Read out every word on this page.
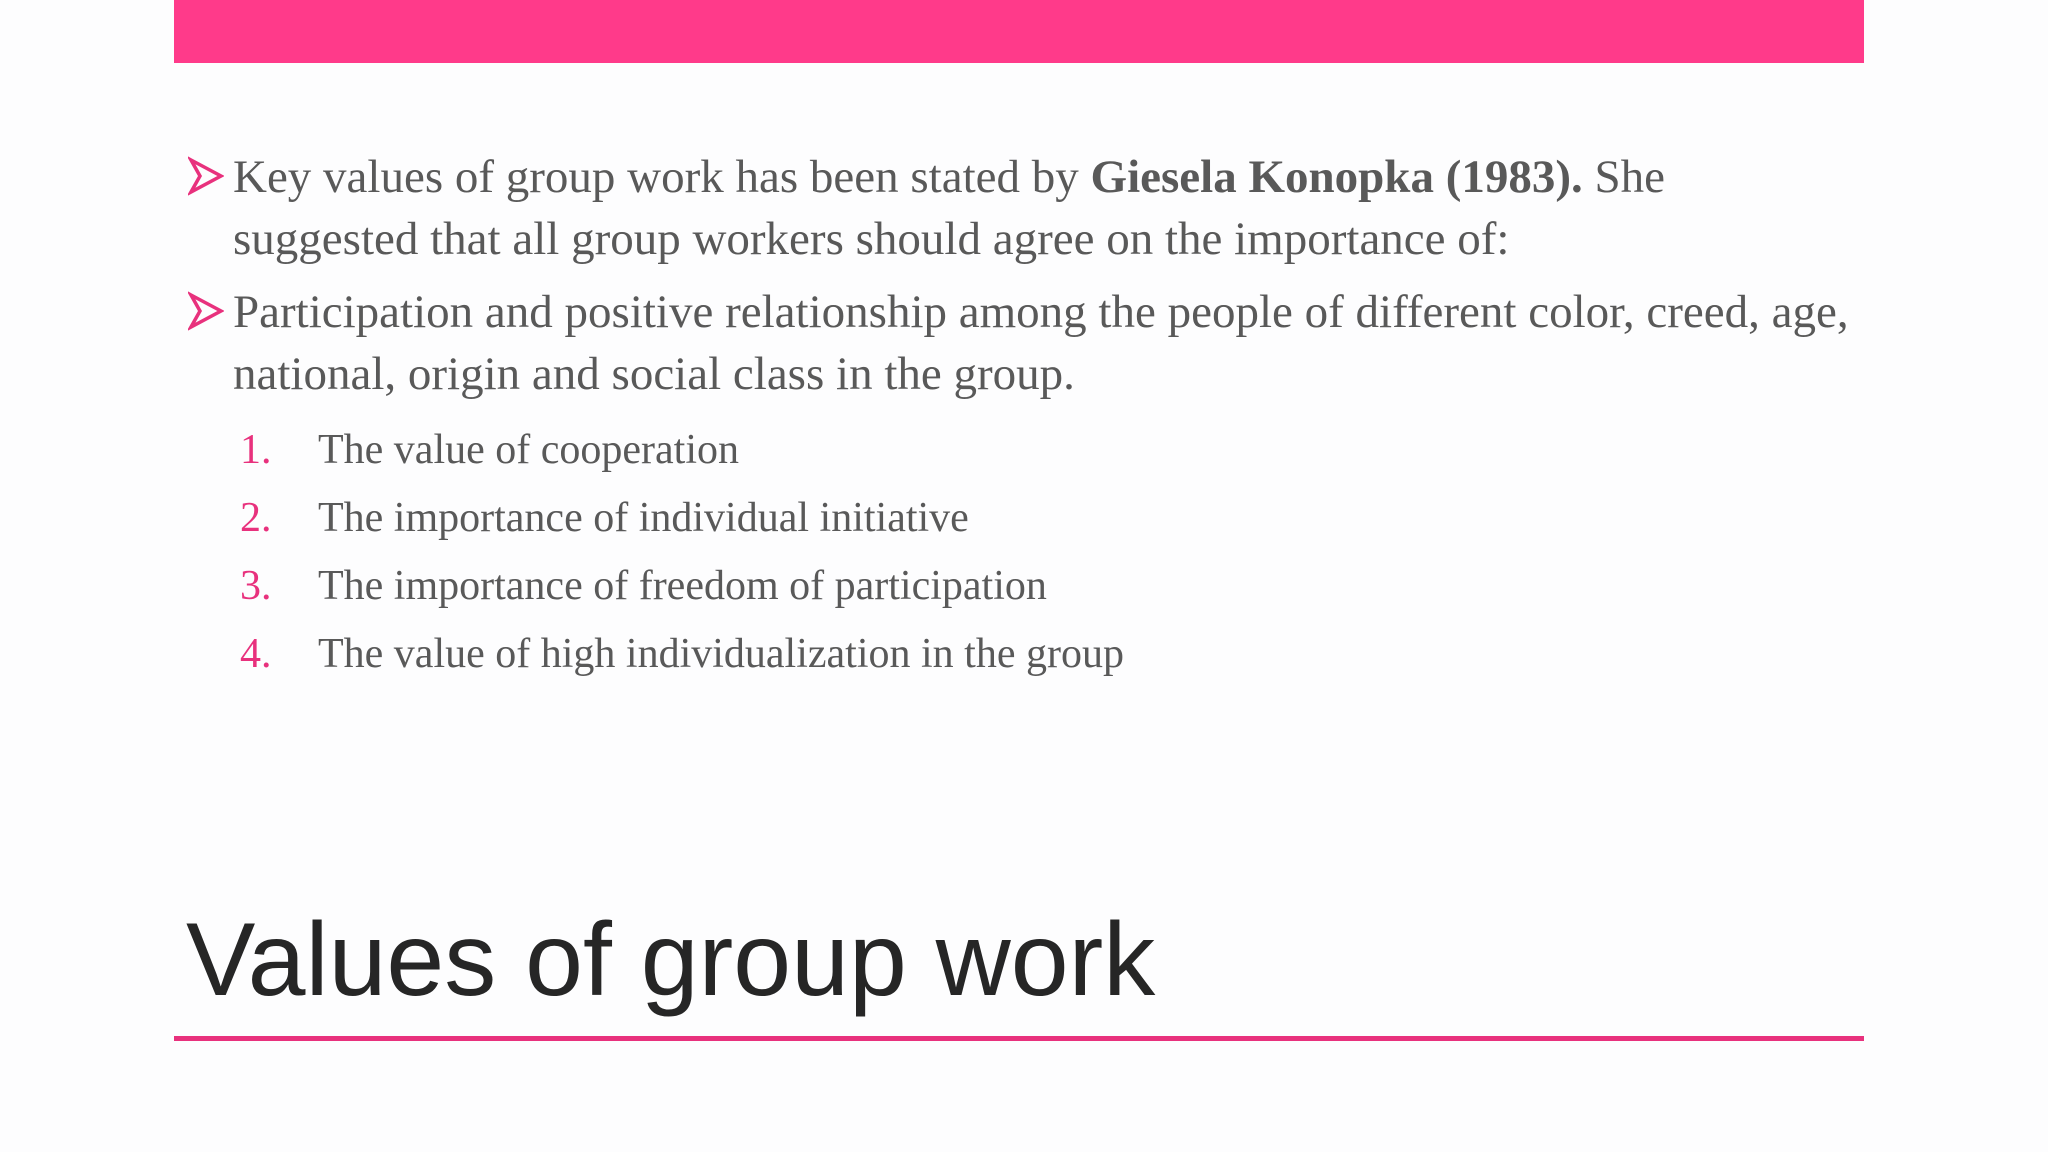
Key values of group work has been stated by Giesela Konopka (1983). She suggested that all group workers should agree on the importance of:
Participation and positive relationship among the people of different color, creed, age, national, origin and social class in the group.
1. The value of cooperation
2. The importance of individual initiative
3. The importance of freedom of participation
4. The value of high individualization in the group
Values of group work
